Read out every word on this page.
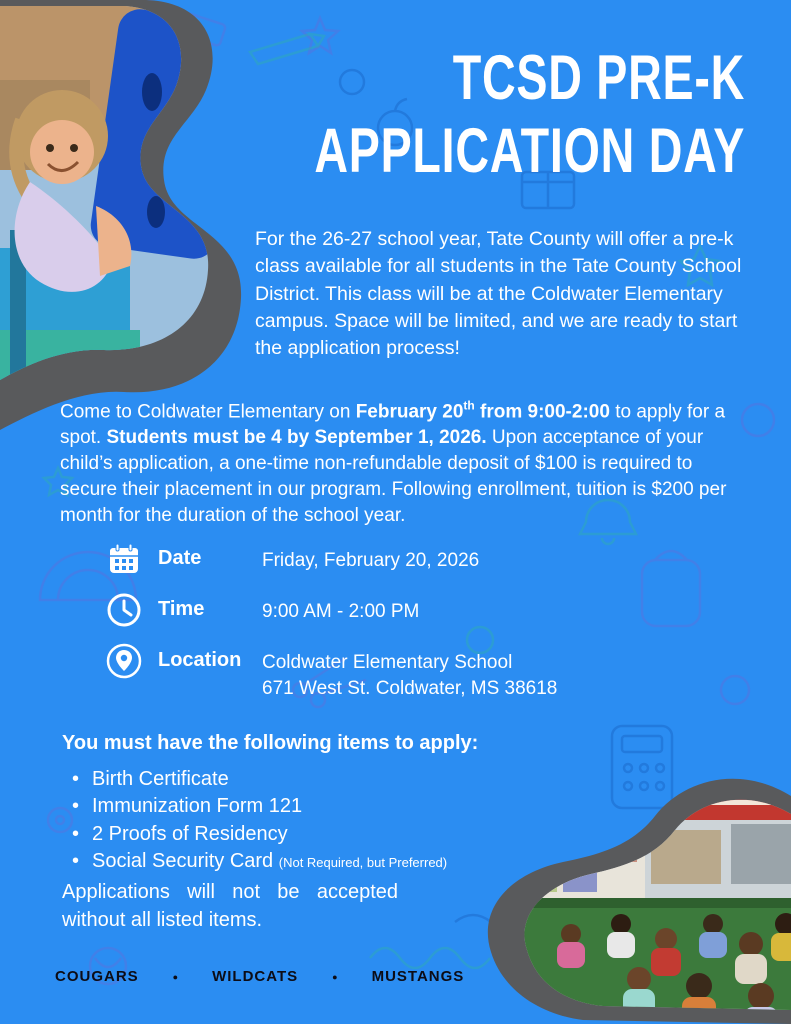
TCSD PRE-K
APPLICATION DAY

For the 26-27 school year, Tate County will offer a pre-k class available for all students in the Tate County School District. This class will be at the Coldwater Elementary campus. Space will be limited, and we are ready to start the application process!

Come to Coldwater Elementary on February 20th from 9:00-2:00 to apply for a spot. Students must be 4 by September 1, 2026. Upon acceptance of your child’s application, a one-time non-refundable deposit of $100 is required to secure their placement in our program. Following enrollment, tuition is $200 per month for the duration of the school year.

Date	Friday, February 20, 2026
Time	9:00 AM - 2:00 PM
Location	Coldwater Elementary School
671 West St. Coldwater, MS 38618
You must have the following items to apply:
• Birth Certificate
• Immunization Form 121
• 2 Proofs of Residency
• Social Security Card (Not Required, but Preferred)

Applications will not be accepted without all listed items.

COUGARS	● WILDCATS	● MUSTANGS
